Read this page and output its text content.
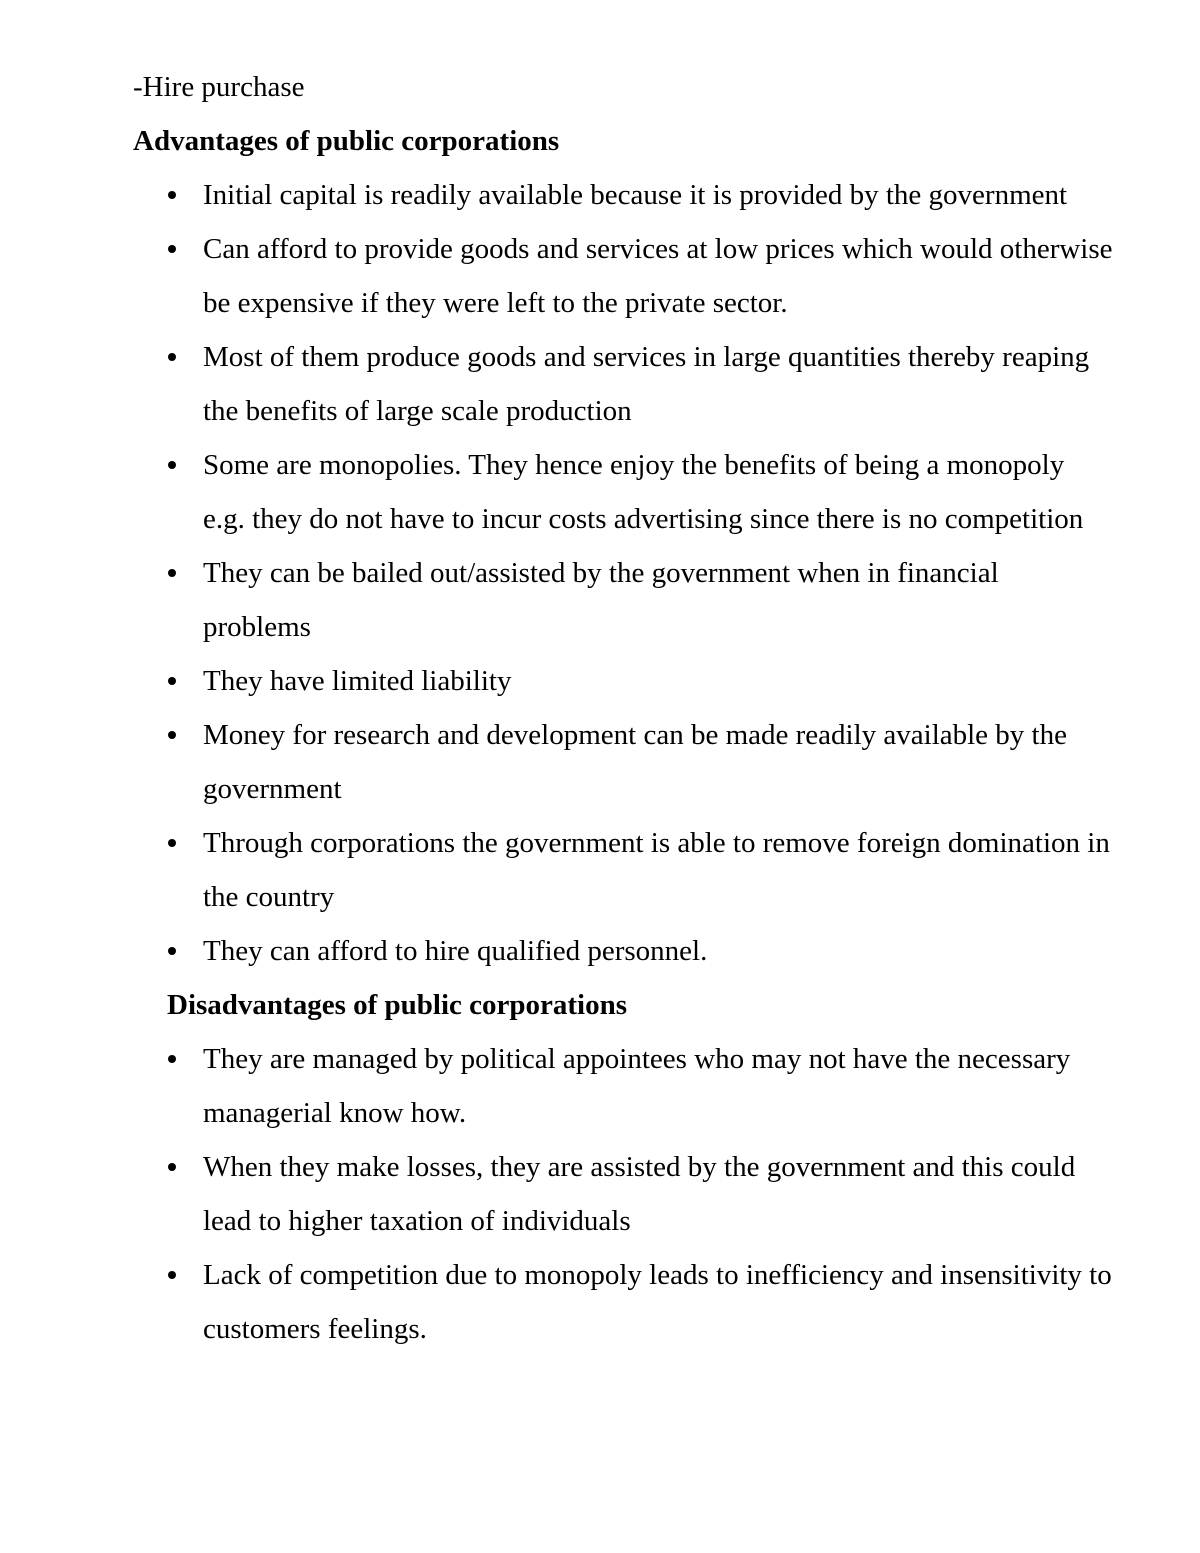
-Hire purchase

Advantages of public corporations

Initial capital is readily available because it is provided by the government
Can afford to provide goods and services at low prices which would otherwise be expensive if they were left to the private sector.
Most of them produce goods and services in large quantities thereby reaping the benefits of large scale production
Some are monopolies. They hence enjoy the benefits of being a monopoly e.g. they do not have to incur costs advertising since there is no competition
They can be bailed out/assisted by the government when in financial problems
They have limited liability
Money for research and development can be made readily available by the government
Through corporations the government is able to remove foreign domination in the country
They can afford to hire qualified personnel.

Disadvantages of public corporations

They are managed by political appointees who may not have the necessary managerial know how.
When they make losses, they are assisted by the government and this could lead to higher taxation of individuals
Lack of competition due to monopoly leads to inefficiency and insensitivity to customers feelings.
